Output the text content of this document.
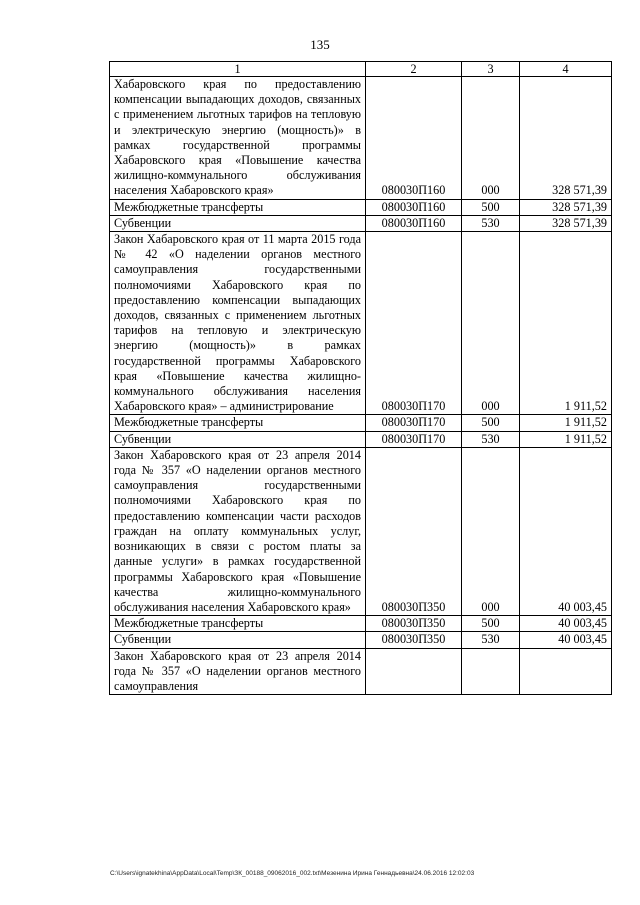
135
1	2	3	4
Хабаровского края по предоставлению компенсации выпадающих доходов, связанных с применением льготных тарифов на тепловую и электрическую энергию (мощность)» в рамках государственной программы Хабаровского края «Повышение качества жилищно-коммунального обслуживания населения Хабаровского края»	080030П160	000	328 571,39
Межбюджетные трансферты	080030П160	500	328 571,39
Субвенции	080030П160	530	328 571,39
Закон Хабаровского края от 11 марта 2015 года № 42 «О наделении органов местного самоуправления государственными полномочиями Хабаровского края по предоставлению компенсации выпадающих доходов, связанных с применением льготных тарифов на тепловую и электрическую энергию (мощность)» в рамках государственной программы Хабаровского края «Повышение качества жилищно-коммунального обслуживания населения Хабаровского края» – администрирование	080030П170	000	1 911,52
Межбюджетные трансферты	080030П170	500	1 911,52
Субвенции	080030П170	530	1 911,52
Закон Хабаровского края от 23 апреля 2014 года № 357 «О наделении органов местного самоуправления государственными полномочиями Хабаровского края по предоставлению компенсации части расходов граждан на оплату коммунальных услуг, возникающих в связи с ростом платы за данные услуги» в рамках государственной программы Хабаровского края «Повышение качества жилищно-коммунального обслуживания населения Хабаровского края»	080030П350	000	40 003,45
Межбюджетные трансферты	080030П350	500	40 003,45
Субвенции	080030П350	530	40 003,45
Закон Хабаровского края от 23 апреля 2014 года № 357 «О наделении органов местного самоуправления			
C:\Users\ignatekhina\AppData\Local\Temp\ЗК_00188_09062016_002.txt\Мезенина Ирина Геннадьевна\24.06.2016 12:02:03
